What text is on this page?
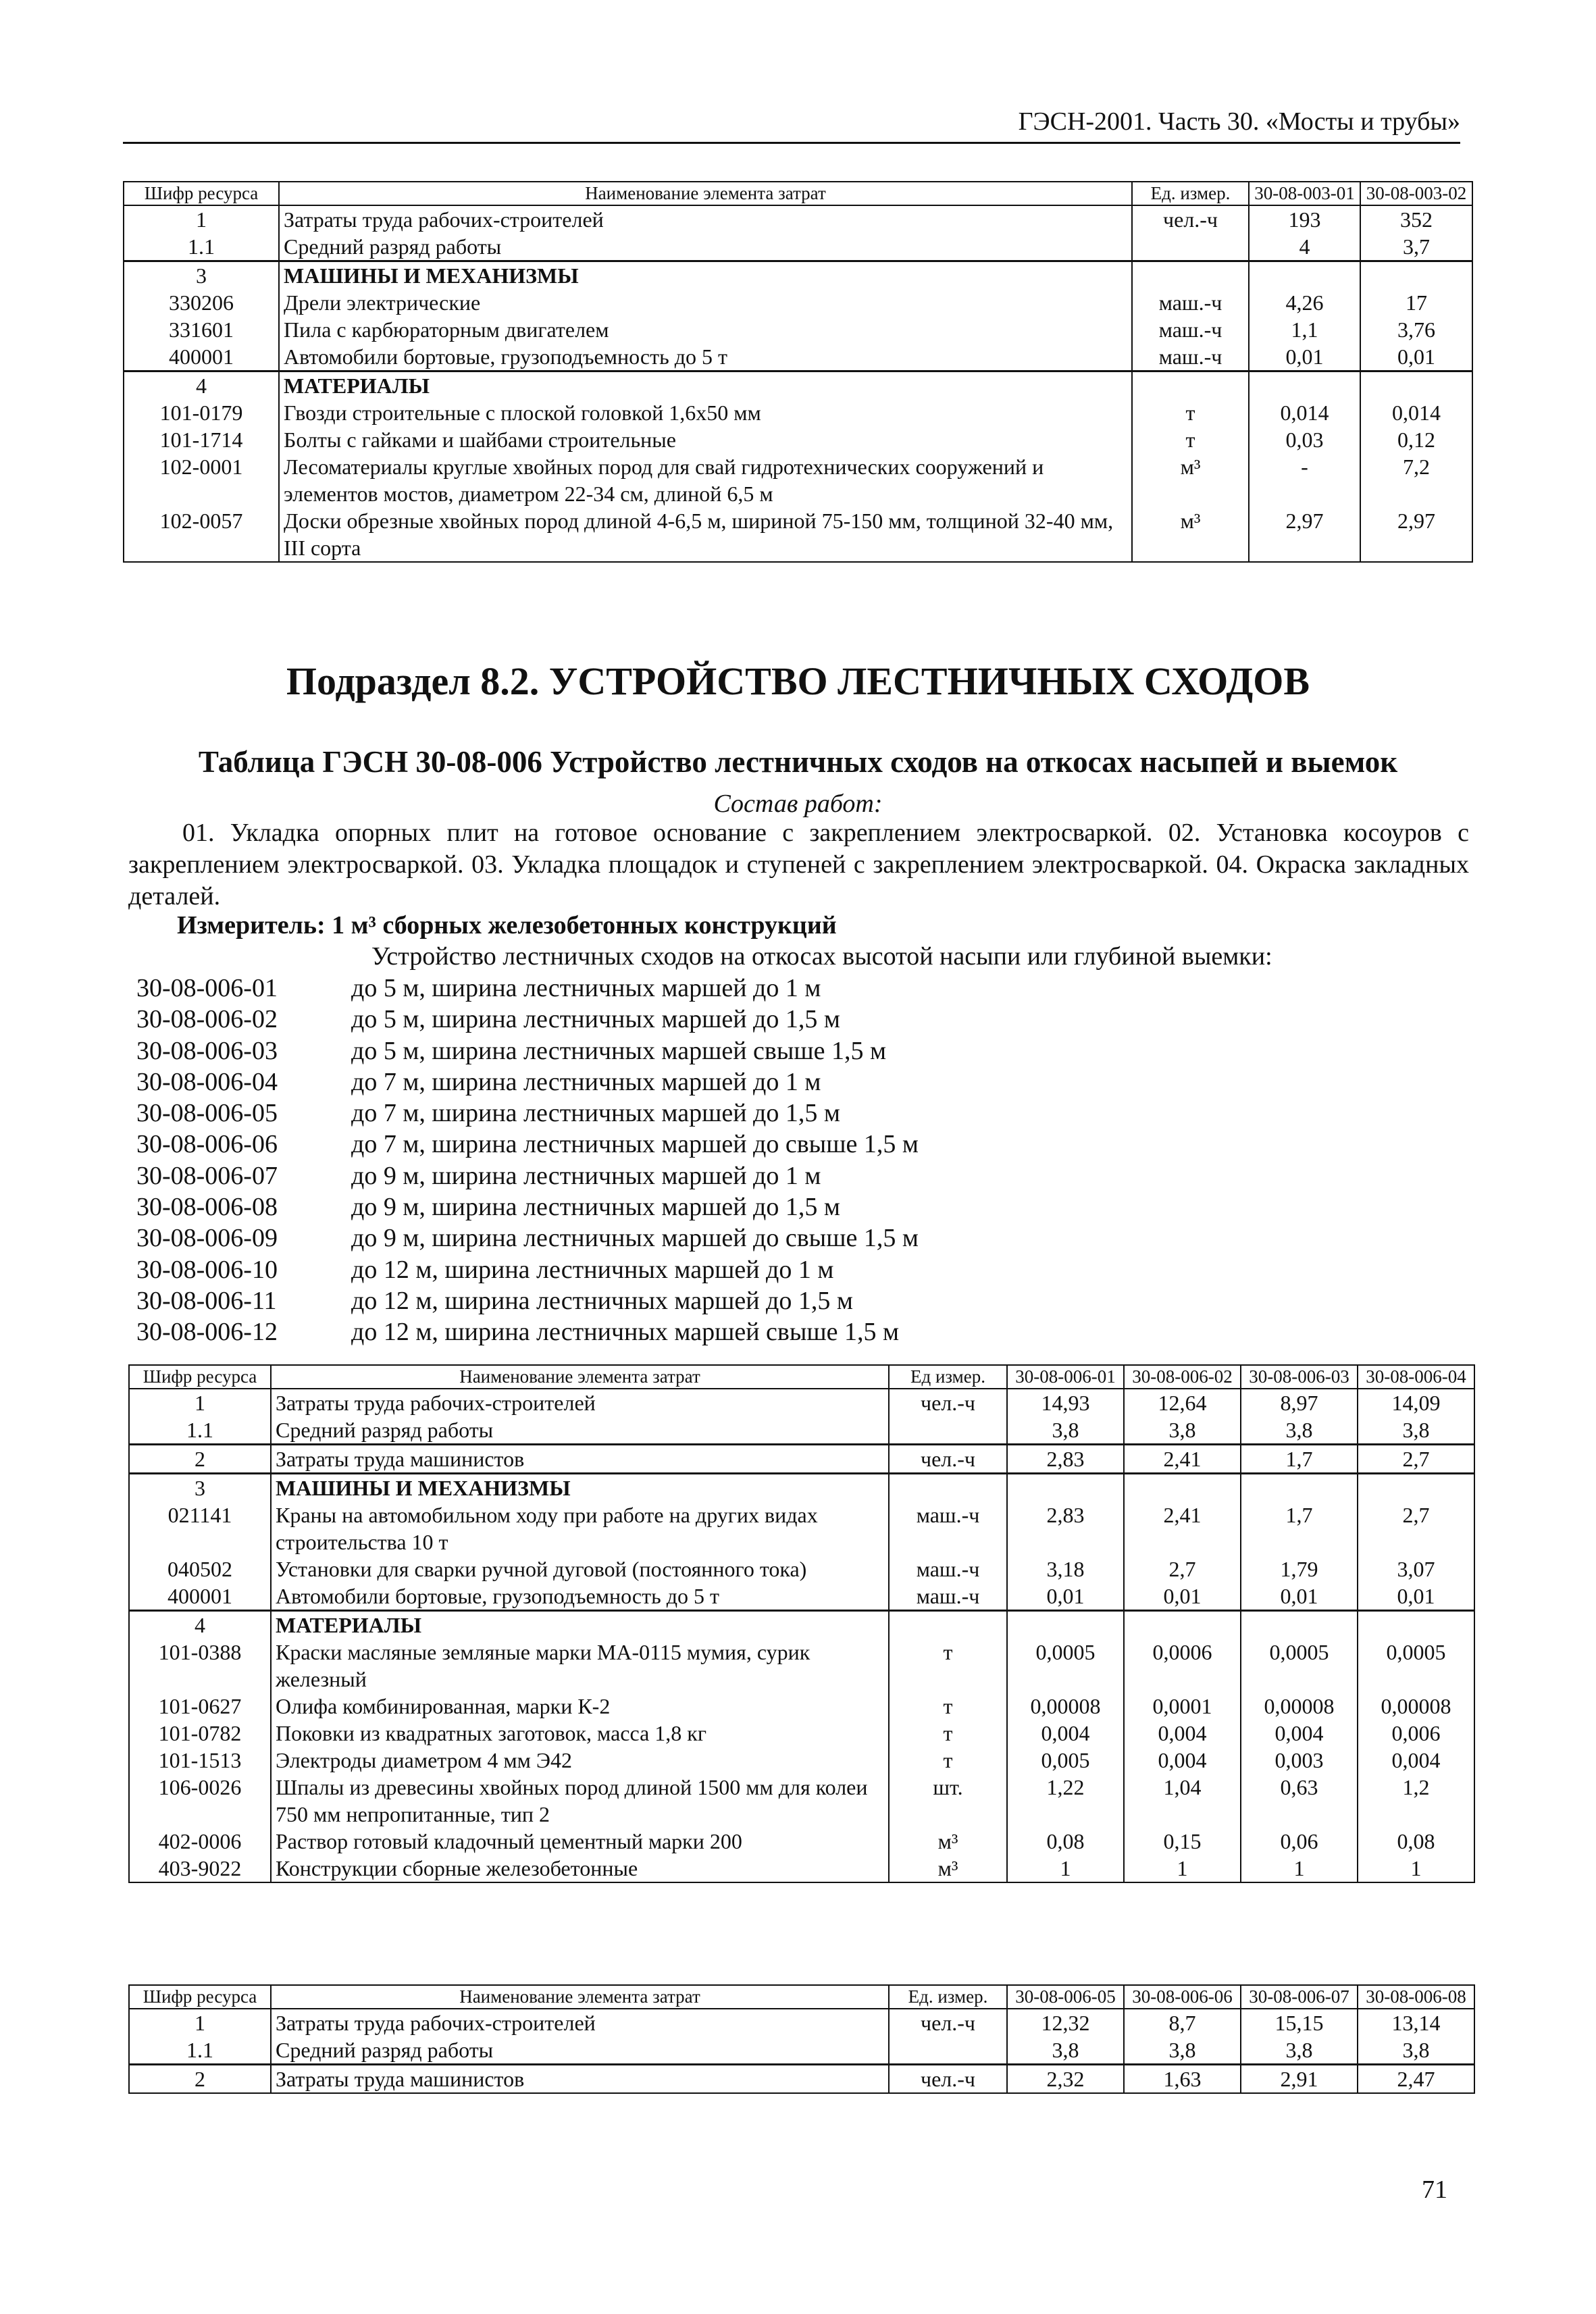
ГЭСН-2001. Часть 30. «Мосты и трубы»
Шифр ресурса	Наименование элемента затрат	Ед. измер.	30-08-003-01	30-08-003-02
1	Затраты труда рабочих-строителей	чел.-ч	193	352
1.1	Средний разряд работы		4	3,7
3	МАШИНЫ И МЕХАНИЗМЫ			
330206	Дрели электрические	маш.-ч	4,26	17
331601	Пила с карбюраторным двигателем	маш.-ч	1,1	3,76
400001	Автомобили бортовые, грузоподъемность до 5 т	маш.-ч	0,01	0,01
4	МАТЕРИАЛЫ			
101-0179	Гвозди строительные с плоской головкой 1,6х50 мм	т	0,014	0,014
101-1714	Болты с гайками и шайбами строительные	т	0,03	0,12
102-0001	Лесоматериалы круглые хвойных пород для свай гидротехнических сооружений и элементов мостов, диаметром 22-34 см, длиной 6,5 м	м³	-	7,2
102-0057	Доски обрезные хвойных пород длиной 4-6,5 м, шириной 75-150 мм, толщиной 32-40 мм, III сорта	м³	2,97	2,97
Подраздел 8.2. УСТРОЙСТВО ЛЕСТНИЧНЫХ СХОДОВ
Таблица ГЭСН 30-08-006 Устройство лестничных сходов на откосах насыпей и выемок
Состав работ:
01. Укладка опорных плит на готовое основание с закреплением электросваркой. 02. Установка косоуров с закреплением электросваркой. 03. Укладка площадок и ступеней с закреплением электросваркой. 04. Окраска закладных деталей.
Измеритель: 1 м³ сборных железобетонных конструкций
Устройство лестничных сходов на откосах высотой насыпи или глубиной выемки:
30-08-006-01	до 5 м, ширина лестничных маршей до 1 м
30-08-006-02	до 5 м, ширина лестничных маршей до 1,5 м
30-08-006-03	до 5 м, ширина лестничных маршей свыше 1,5 м
30-08-006-04	до 7 м, ширина лестничных маршей до 1 м
30-08-006-05	до 7 м, ширина лестничных маршей до 1,5 м
30-08-006-06	до 7 м, ширина лестничных маршей до свыше 1,5 м
30-08-006-07	до 9 м, ширина лестничных маршей до 1 м
30-08-006-08	до 9 м, ширина лестничных маршей до 1,5 м
30-08-006-09	до 9 м, ширина лестничных маршей до свыше 1,5 м
30-08-006-10	до 12 м, ширина лестничных маршей до 1 м
30-08-006-11	до 12 м, ширина лестничных маршей до 1,5 м
30-08-006-12	до 12 м, ширина лестничных маршей свыше 1,5 м
Шифр ресурса	Наименование элемента затрат	Ед измер.	30-08-006-01	30-08-006-02	30-08-006-03	30-08-006-04
1	Затраты труда рабочих-строителей	чел.-ч	14,93	12,64	8,97	14,09
1.1	Средний разряд работы		3,8	3,8	3,8	3,8
2	Затраты труда машинистов	чел.-ч	2,83	2,41	1,7	2,7
3	МАШИНЫ И МЕХАНИЗМЫ					
021141	Краны на автомобильном ходу при работе на других видах строительства 10 т	маш.-ч	2,83	2,41	1,7	2,7
040502	Установки для сварки ручной дуговой (постоянного тока)	маш.-ч	3,18	2,7	1,79	3,07
400001	Автомобили бортовые, грузоподъемность до 5 т	маш.-ч	0,01	0,01	0,01	0,01
4	МАТЕРИАЛЫ					
101-0388	Краски масляные земляные марки МА-0115 мумия, сурик железный	т	0,0005	0,0006	0,0005	0,0005
101-0627	Олифа комбинированная, марки К-2	т	0,00008	0,0001	0,00008	0,00008
101-0782	Поковки из квадратных заготовок, масса 1,8 кг	т	0,004	0,004	0,004	0,006
101-1513	Электроды диаметром 4 мм Э42	т	0,005	0,004	0,003	0,004
106-0026	Шпалы из древесины хвойных пород длиной 1500 мм для колеи 750 мм непропитанные, тип 2	шт.	1,22	1,04	0,63	1,2
402-0006	Раствор готовый кладочный цементный марки 200	м³	0,08	0,15	0,06	0,08
403-9022	Конструкции сборные железобетонные	м³	1	1	1	1
Шифр ресурса	Наименование элемента затрат	Ед. измер.	30-08-006-05	30-08-006-06	30-08-006-07	30-08-006-08
1	Затраты труда рабочих-строителей	чел.-ч	12,32	8,7	15,15	13,14
1.1	Средний разряд работы		3,8	3,8	3,8	3,8
2	Затраты труда машинистов	чел.-ч	2,32	1,63	2,91	2,47
71
